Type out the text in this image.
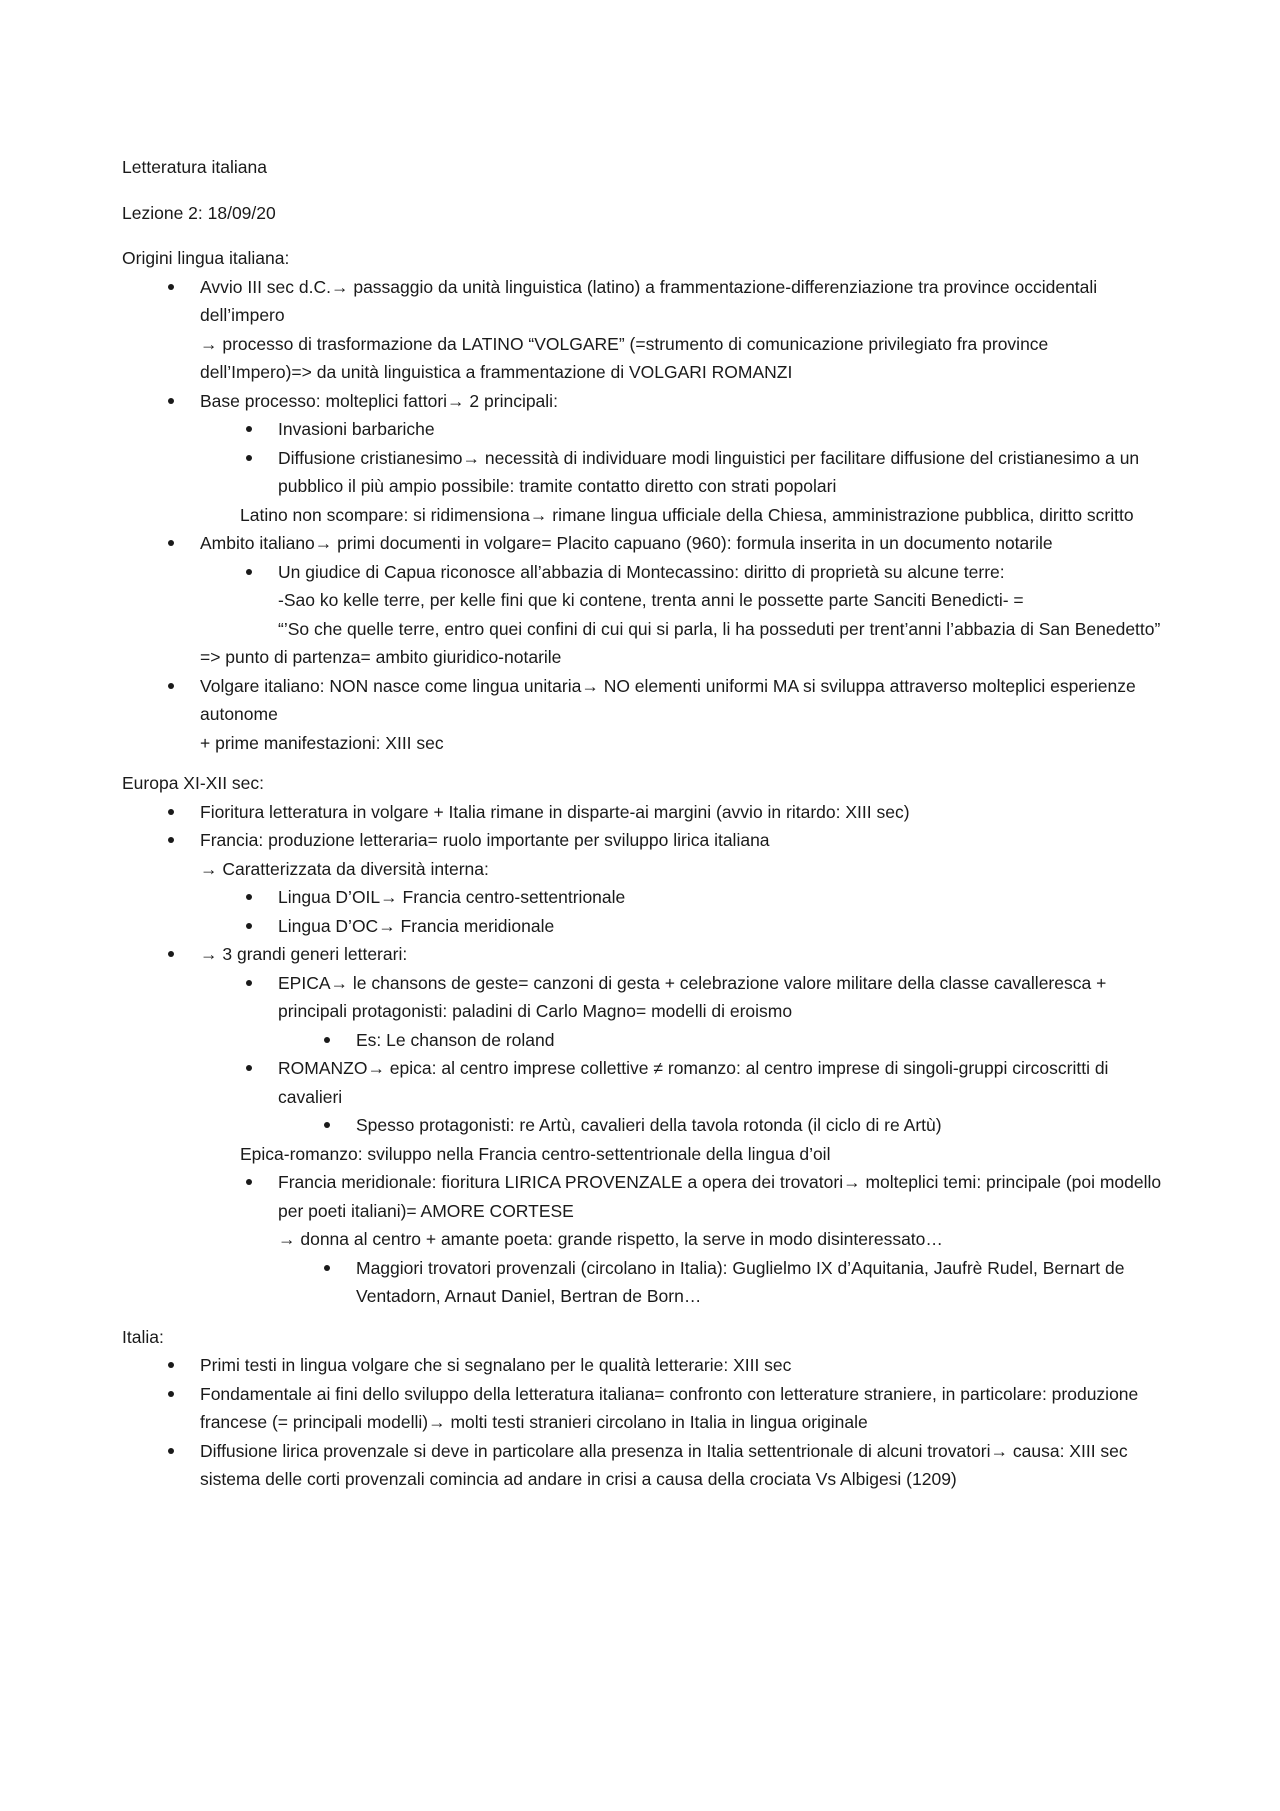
Letteratura italiana

Lezione 2: 18/09/20

Origini lingua italiana:

Avvio III sec d.C.→ passaggio da unità linguistica (latino) a frammentazione-differenziazione tra province occidentali dell’impero
→ processo di trasformazione da LATINO “VOLGARE” (=strumento di comunicazione privilegiato fra province dell’Impero)=> da unità linguistica a frammentazione di VOLGARI ROMANZI
Base processo: molteplici fattori→ 2 principali:
Invasioni barbariche
Diffusione cristianesimo→ necessità di individuare modi linguistici per facilitare diffusione del cristianesimo a un pubblico il più ampio possibile: tramite contatto diretto con strati popolari
Latino non scompare: si ridimensiona→ rimane lingua ufficiale della Chiesa, amministrazione pubblica, diritto scritto
Ambito italiano→ primi documenti in volgare= Placito capuano (960): formula inserita in un documento notarile
Un giudice di Capua riconosce all’abbazia di Montecassino: diritto di proprietà su alcune terre:
-Sao ko kelle terre, per kelle fini que ki contene, trenta anni le possette parte Sanciti Benedicti- =
“’So che quelle terre, entro quei confini di cui qui si parla, li ha posseduti per trent’anni l’abbazia di San Benedetto”
=> punto di partenza= ambito giuridico-notarile
Volgare italiano: NON nasce come lingua unitaria→ NO elementi uniformi MA si sviluppa attraverso molteplici esperienze autonome
+ prime manifestazioni: XIII sec

Europa XI-XII sec:

Fioritura letteratura in volgare + Italia rimane in disparte-ai margini (avvio in ritardo: XIII sec)
Francia: produzione letteraria= ruolo importante per sviluppo lirica italiana
→ Caratterizzata da diversità interna:
Lingua D’OIL→ Francia centro-settentrionale
Lingua D’OC→ Francia meridionale
→ 3 grandi generi letterari:
EPICA→ le chansons de geste= canzoni di gesta + celebrazione valore militare della classe cavalleresca + principali protagonisti: paladini di Carlo Magno= modelli di eroismo
Es: Le chanson de roland
ROMANZO→ epica: al centro imprese collettive ≠ romanzo: al centro imprese di singoli-gruppi circoscritti di cavalieri
Spesso protagonisti: re Artù, cavalieri della tavola rotonda (il ciclo di re Artù)
Epica-romanzo: sviluppo nella Francia centro-settentrionale della lingua d’oil
Francia meridionale: fioritura LIRICA PROVENZALE a opera dei trovatori→ molteplici temi: principale (poi modello per poeti italiani)= AMORE CORTESE
→ donna al centro + amante poeta: grande rispetto, la serve in modo disinteressato…
Maggiori trovatori provenzali (circolano in Italia): Guglielmo IX d’Aquitania, Jaufrè Rudel, Bernart de Ventadorn, Arnaut Daniel, Bertran de Born…

Italia:

Primi testi in lingua volgare che si segnalano per le qualità letterarie: XIII sec
Fondamentale ai fini dello sviluppo della letteratura italiana= confronto con letterature straniere, in particolare: produzione francese (= principali modelli)→ molti testi stranieri circolano in Italia in lingua originale
Diffusione lirica provenzale si deve in particolare alla presenza in Italia settentrionale di alcuni trovatori→ causa: XIII sec sistema delle corti provenzali comincia ad andare in crisi a causa della crociata Vs Albigesi (1209)
